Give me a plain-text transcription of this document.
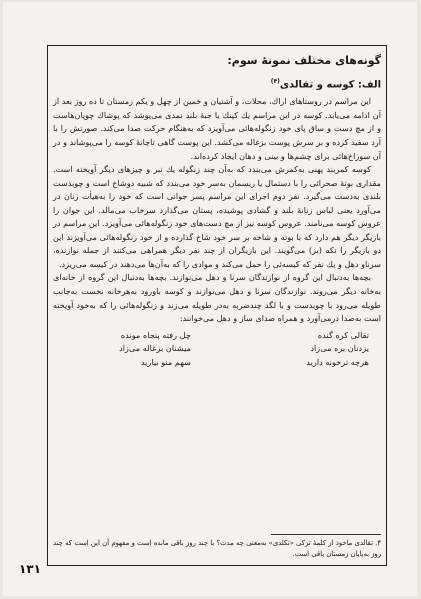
گونه‌های مختلف نمونهٔ سوم:
الف: کوسه و تقالدی$^{(۴)}$

این مراسم در روستاهای اراك، محلات، و آشتیان و خمین از چهل و یکم زمستان تا ده روز بعد از آن ادامه می‌یابد. کوسه در این مراسم یك کپنك یا جبهٔ بلند نمدی می‌پوشد که پوشاك چوپان‌هاست و از مچ دست و ساق پای خود زنگوله‌هائی می‌آویزد که به‌هنگام حرکت صدا می‌کند. صورتش را با آرد سفید کرده و بر سرش پوست بزغاله می‌کشد. این پوست گاهی تاچانهٔ کوسه را می‌پوشاند و در آن سوراخ‌هائی برای چشم‌ها و بینی و دهان ایجاد کرده‌اند.

کوسه کمربند پهنی به‌کمرش می‌بندد که به‌آن چند زنگوله یك تبر و چیزهای دیگر آویخته است. مقداری بوتهٔ صحرائی را با دستمال یا ریسمان به‌سر خود می‌بندد که شبیه دوشاخ است و چوبدست بلندی به‌دست می‌گیرد. نفر دوم اجرای این مراسم پسر جوانی است که خود را به‌هیأت زنان در می‌آورد یعنی لباس زنانهٔ بلند و گشادی پوشیده، پستان می‌گذارد سرخاب می‌مالد. این جوان را عروس کوسه می‌نامند. عروس کوسه نیز از مچ دست‌های خود زنگوله‌هائی می‌آویزد. این مراسم در بازیگر دیگر هم دارد که با بوته و شاخه بر سر خود شاخ گذارده و از خود زنگوله‌هائی می‌آویزند این دو بازیگر را تکه (بز) می‌گویند. این بازیگران از چند نفر دیگر همراهی می‌کنند از جمله نوازنده، سرناو دهل و یك نفر که کیسه‌ئی را حمل می‌کند و موادی را که به‌آن‌ها می‌دهند در کیسه می‌ریزد.

بچه‌ها به‌دنبال این گروه از نوازندگان سرنا و دهل می‌نوازند. بچه‌ها به‌دنبال این گروه از خانه‌ای به‌خانه دیگر می‌روند. نوازندگان سرنا و دهل می‌نوازند و کوسه باورود به‌هرخانه نخست به‌جانب طویله می‌رود با چوبدست و با لگد چندضربه به‌در طویله می‌زند و زنگوله‌هائی را که به‌خود آویخته است به‌صدا درمی‌آورد و همراه صدای ساز و دهل می‌خوانند:

تقالی کره گنده
یزدنان بره می‌زاد
هرچه ترخونه دارید
چل رفته پنجاه مونده
میشنان بزغاله می‌زاد
سهم منو بیارید
۴. تقالدی ماخوذ از کلمهٔ ترکی «تکلدی» به‌معنی چه مدت؟ با چند روز باقی مانده است و مفهوم آن این است که چند روز به‌پایان زمستان باقی است.
۱۳۱
